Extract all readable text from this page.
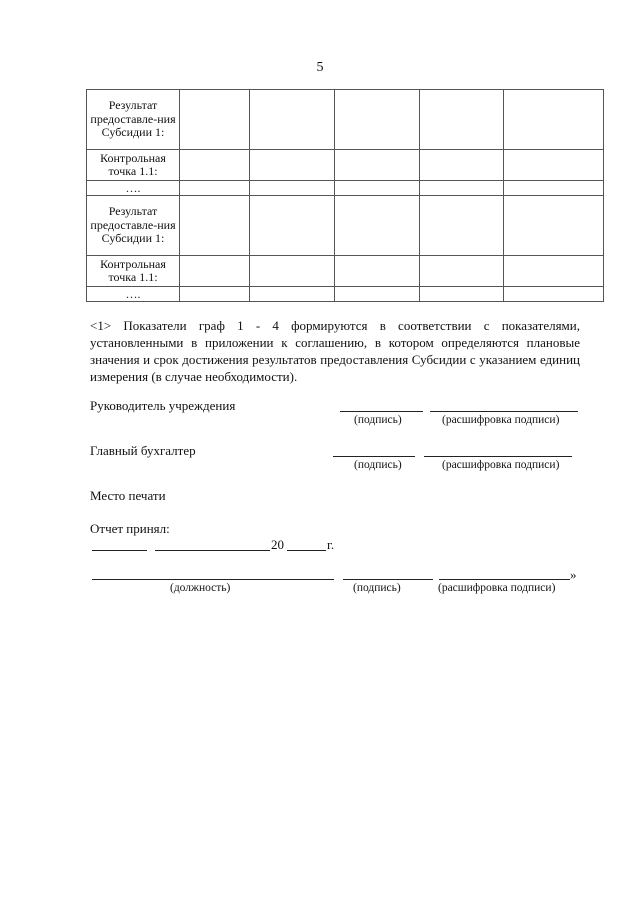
5
Результат предоставле-ния Субсидии 1:					
Контрольная точка 1.1:					
….					
Результат предоставле-ния Субсидии 1:					
Контрольная точка 1.1:					
….					
<1> Показатели граф 1 - 4 формируются в соответствии с показателями, установленными в приложении к соглашению, в котором определяются плановые значения и срок достижения результатов предоставления Субсидии с указанием единиц измерения (в случае необходимости).
Руководитель учреждения
(подпись)	(расшифровка подписи)
Главный бухгалтер
(подпись)	(расшифровка подписи)
Место печати
Отчет принял:
20	г.
»
(должность)	(подпись)	(расшифровка подписи)
